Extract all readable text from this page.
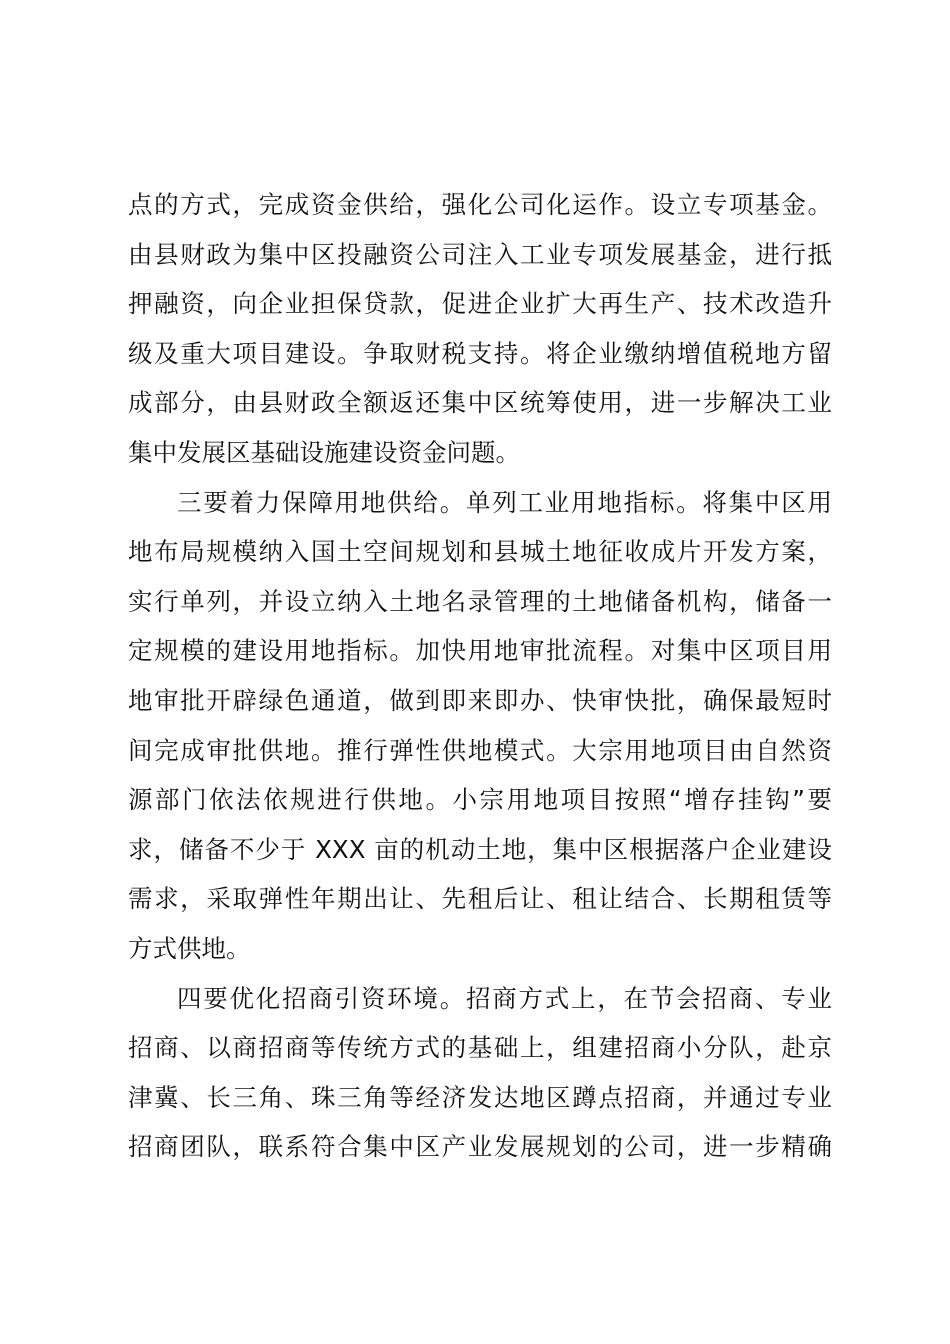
点的方式，完成资金供给，强化公司化运作。设立专项基金。
由县财政为集中区投融资公司注入工业专项发展基金，进行抵
押融资，向企业担保贷款，促进企业扩大再生产、技术改造升
级及重大项目建设。争取财税支持。将企业缴纳增值税地方留
成部分，由县财政全额返还集中区统筹使用，进一步解决工业
集中发展区基础设施建设资金问题。
三要着力保障用地供给。单列工业用地指标。将集中区用
地布局规模纳入国土空间规划和县城土地征收成片开发方案，
实行单列，并设立纳入土地名录管理的土地储备机构，储备一
定规模的建设用地指标。加快用地审批流程。对集中区项目用
地审批开辟绿色通道，做到即来即办、快审快批，确保最短时
间完成审批供地。推行弹性供地模式。大宗用地项目由自然资
源部门依法依规进行供地。小宗用地项目按照“增存挂钩”要
求，储备不少于 XXX 亩的机动土地，集中区根据落户企业建设
需求，采取弹性年期出让、先租后让、租让结合、长期租赁等
方式供地。
四要优化招商引资环境。招商方式上，在节会招商、专业
招商、以商招商等传统方式的基础上，组建招商小分队，赴京
津冀、长三角、珠三角等经济发达地区蹲点招商，并通过专业
招商团队，联系符合集中区产业发展规划的公司，进一步精确
